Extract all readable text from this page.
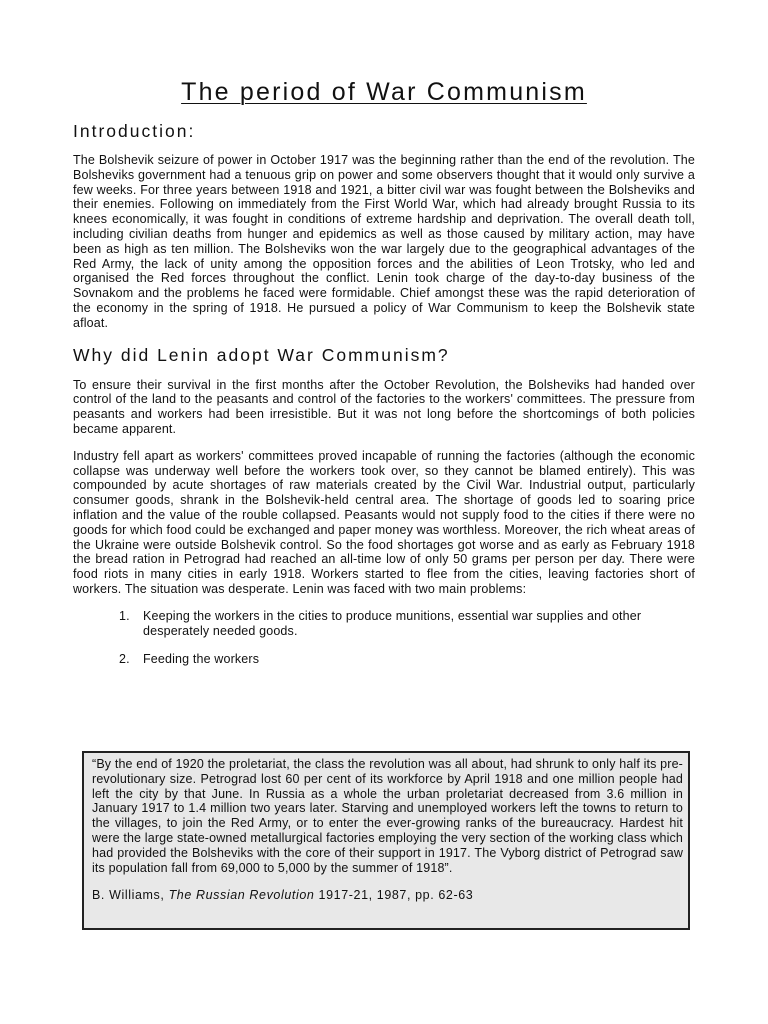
The period of War Communism
Introduction:

The Bolshevik seizure of power in October 1917 was the beginning rather than the end of the revolution. The Bolsheviks government had a tenuous grip on power and some observers thought that it would only survive a few weeks. For three years between 1918 and 1921, a bitter civil war was fought between the Bolsheviks and their enemies. Following on immediately from the First World War, which had already brought Russia to its knees economically, it was fought in conditions of extreme hardship and deprivation. The overall death toll, including civilian deaths from hunger and epidemics as well as those caused by military action, may have been as high as ten million. The Bolsheviks won the war largely due to the geographical advantages of the Red Army, the lack of unity among the opposition forces and the abilities of Leon Trotsky, who led and organised the Red forces throughout the conflict. Lenin took charge of the day-to-day business of the Sovnakom and the problems he faced were formidable. Chief amongst these was the rapid deterioration of the economy in the spring of 1918. He pursued a policy of War Communism to keep the Bolshevik state afloat.

Why did Lenin adopt War Communism?

To ensure their survival in the first months after the October Revolution, the Bolsheviks had handed over control of the land to the peasants and control of the factories to the workers' committees. The pressure from peasants and workers had been irresistible. But it was not long before the shortcomings of both policies became apparent.

Industry fell apart as workers' committees proved incapable of running the factories (although the economic collapse was underway well before the workers took over, so they cannot be blamed entirely). This was compounded by acute shortages of raw materials created by the Civil War. Industrial output, particularly consumer goods, shrank in the Bolshevik-held central area. The shortage of goods led to soaring price inflation and the value of the rouble collapsed. Peasants would not supply food to the cities if there were no goods for which food could be exchanged and paper money was worthless. Moreover, the rich wheat areas of the Ukraine were outside Bolshevik control. So the food shortages got worse and as early as February 1918 the bread ration in Petrograd had reached an all-time low of only 50 grams per person per day. There were food riots in many cities in early 1918. Workers started to flee from the cities, leaving factories short of workers. The situation was desperate. Lenin was faced with two main problems:

1.	Keeping the workers in the cities to produce munitions, essential war supplies and other desperately needed goods.
2.	Feeding the workers

“By the end of 1920 the proletariat, the class the revolution was all about, had shrunk to only half its pre-revolutionary size. Petrograd lost 60 per cent of its workforce by April 1918 and one million people had left the city by that June. In Russia as a whole the urban proletariat decreased from 3.6 million in January 1917 to 1.4 million two years later. Starving and unemployed workers left the towns to return to the villages, to join the Red Army, or to enter the ever-growing ranks of the bureaucracy. Hardest hit were the large state-owned metallurgical factories employing the very section of the working class which had provided the Bolsheviks with the core of their support in 1917. The Vyborg district of Petrograd saw its population fall from 69,000 to 5,000 by the summer of 1918”.

B. Williams, The Russian Revolution 1917-21, 1987, pp. 62-63
